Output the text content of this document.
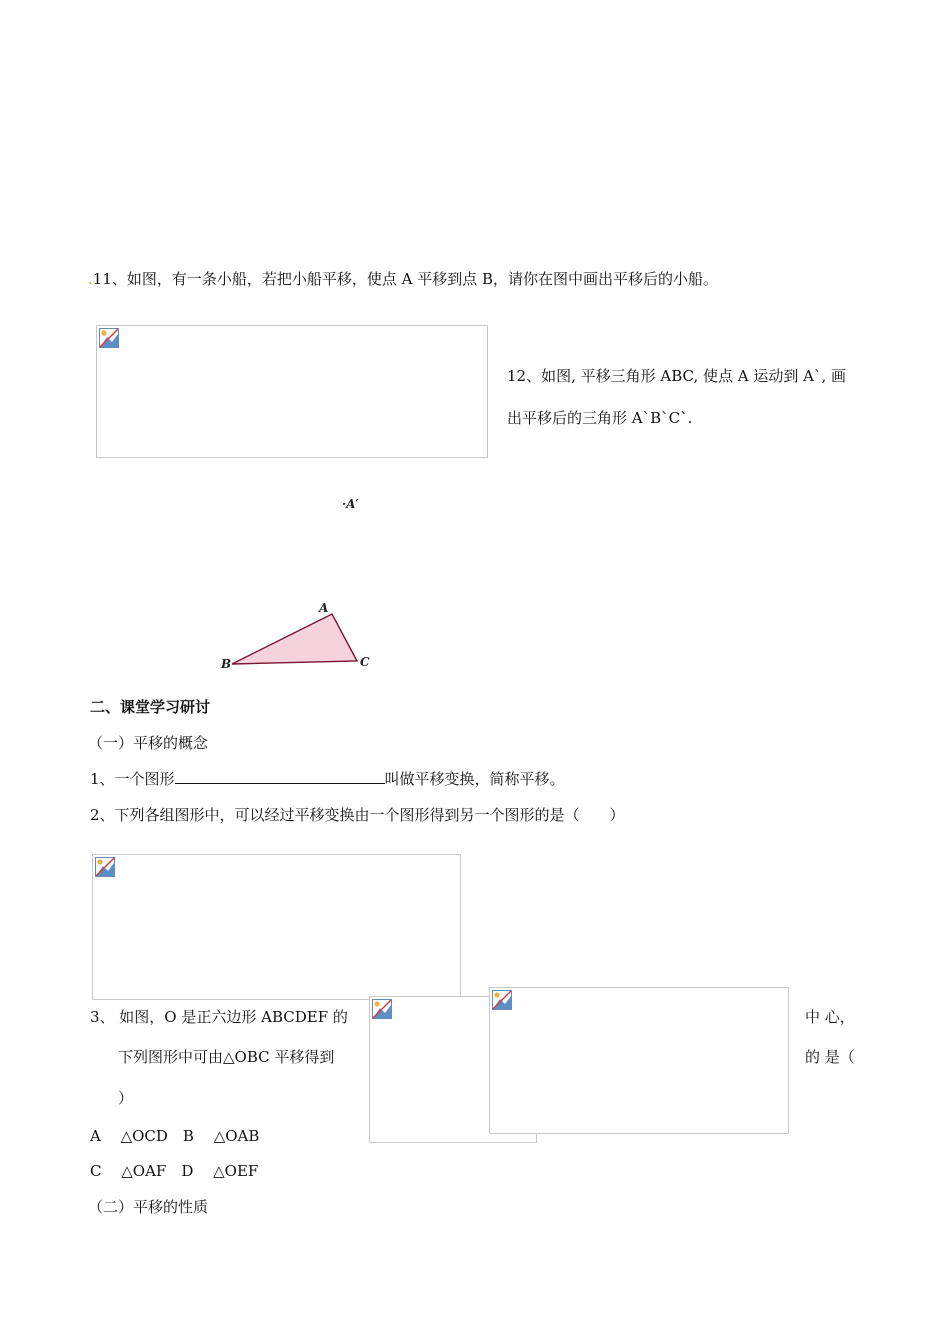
.11、如图，有一条小船，若把小船平移，使点 A 平移到点 B，请你在图中画出平移后的小船。
12、如图, 平移三角形 ABC, 使点 A 运动到 A`, 画
出平移后的三角形 A`B`C`.
·A′
A
B	C
二、课堂学习研讨
（一）平移的概念
1、一个图形	叫做平移变换，简称平移。
2、下列各组图形中，可以经过平移变换由一个图形得到另一个图形的是（　　）
3、 如图，O 是正六边形 ABCDEF 的	中 心，
下列图形中可由△OBC 平移得到	的 是（
）
A　 △OCD　B　 △OAB
C　 △OAF　D　 △OEF
（二）平移的性质
